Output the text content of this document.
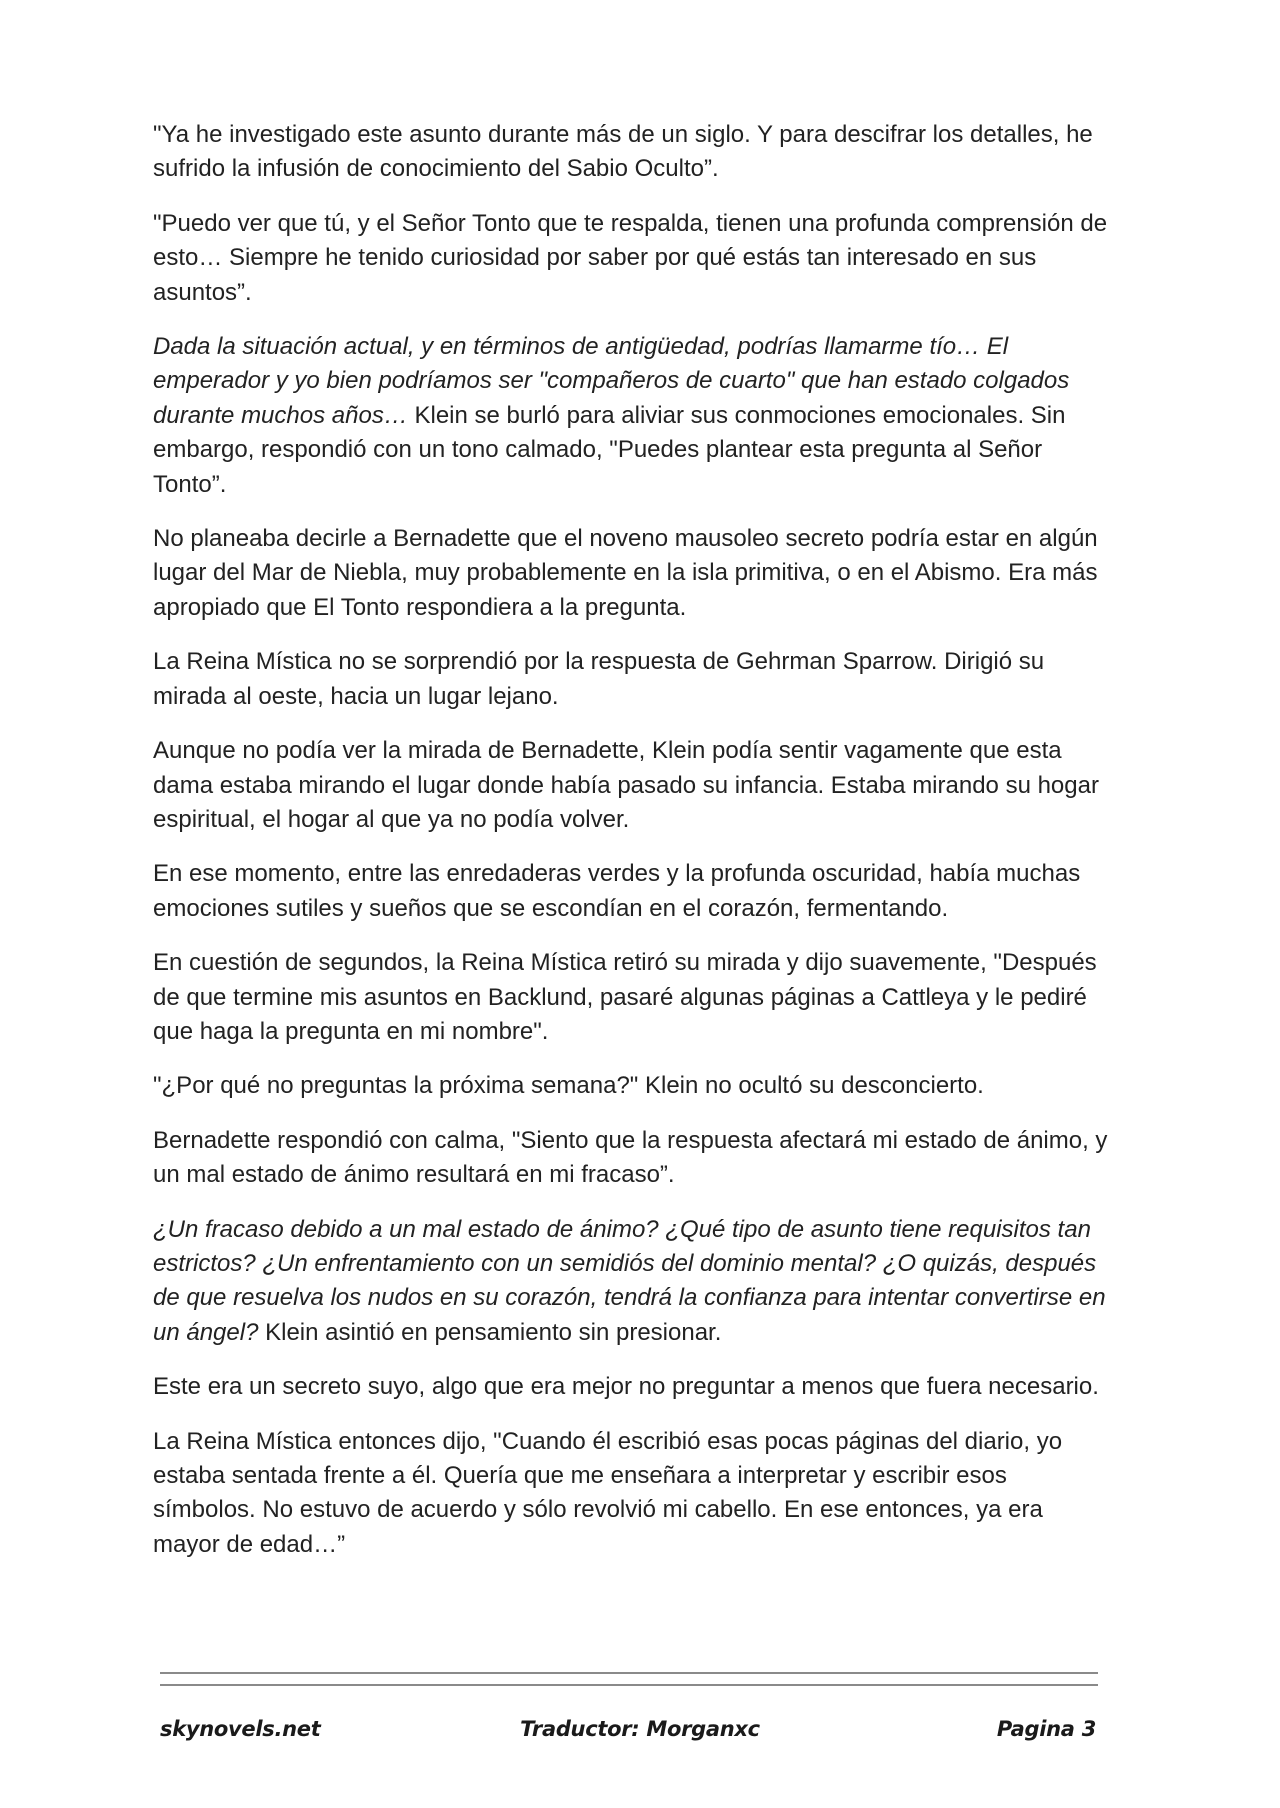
"Ya he investigado este asunto durante más de un siglo. Y para descifrar los detalles, he sufrido la infusión de conocimiento del Sabio Oculto”.

"Puedo ver que tú, y el Señor Tonto que te respalda, tienen una profunda comprensión de esto… Siempre he tenido curiosidad por saber por qué estás tan interesado en sus asuntos”.

Dada la situación actual, y en términos de antigüedad, podrías llamarme tío… El emperador y yo bien podríamos ser "compañeros de cuarto" que han estado colgados durante muchos años… Klein se burló para aliviar sus conmociones emocionales. Sin embargo, respondió con un tono calmado, "Puedes plantear esta pregunta al Señor Tonto”.

No planeaba decirle a Bernadette que el noveno mausoleo secreto podría estar en algún lugar del Mar de Niebla, muy probablemente en la isla primitiva, o en el Abismo. Era más apropiado que El Tonto respondiera a la pregunta.

La Reina Mística no se sorprendió por la respuesta de Gehrman Sparrow. Dirigió su mirada al oeste, hacia un lugar lejano.

Aunque no podía ver la mirada de Bernadette, Klein podía sentir vagamente que esta dama estaba mirando el lugar donde había pasado su infancia. Estaba mirando su hogar espiritual, el hogar al que ya no podía volver.

En ese momento, entre las enredaderas verdes y la profunda oscuridad, había muchas emociones sutiles y sueños que se escondían en el corazón, fermentando.

En cuestión de segundos, la Reina Mística retiró su mirada y dijo suavemente, "Después de que termine mis asuntos en Backlund, pasaré algunas páginas a Cattleya y le pediré que haga la pregunta en mi nombre".

"¿Por qué no preguntas la próxima semana?" Klein no ocultó su desconcierto.

Bernadette respondió con calma, "Siento que la respuesta afectará mi estado de ánimo, y un mal estado de ánimo resultará en mi fracaso”.

¿Un fracaso debido a un mal estado de ánimo? ¿Qué tipo de asunto tiene requisitos tan estrictos? ¿Un enfrentamiento con un semidiós del dominio mental? ¿O quizás, después de que resuelva los nudos en su corazón, tendrá la confianza para intentar convertirse en un ángel? Klein asintió en pensamiento sin presionar.

Este era un secreto suyo, algo que era mejor no preguntar a menos que fuera necesario.

La Reina Mística entonces dijo, "Cuando él escribió esas pocas páginas del diario, yo estaba sentada frente a él. Quería que me enseñara a interpretar y escribir esos símbolos. No estuvo de acuerdo y sólo revolvió mi cabello. En ese entonces, ya era mayor de edad…”

skynovels.net	Traductor: Morganxc	Pagina 3
